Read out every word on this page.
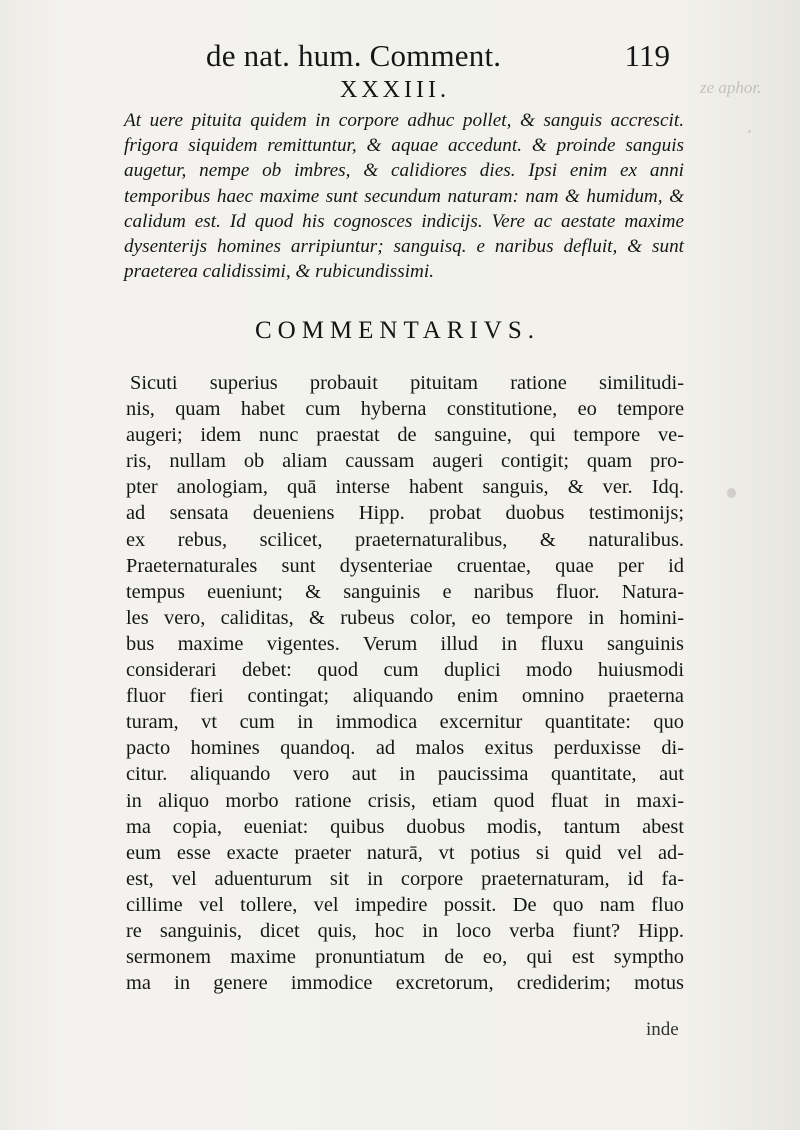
ze aphor.
de nat. hum. Comment.	119
XXXIII.

At uere pituita quidem in corpore adhuc pollet, & sanguis accrescit. frigora siquidem remittuntur, & aquae accedunt. & proinde sanguis augetur, nempe ob imbres, & calidiores dies. Ipsi enim ex anni temporibus haec maxime sunt secundum naturam: nam & humidum, & calidum est. Id quod his cognosces indicijs. Vere ac aestate maxime dysenterijs homines arripiuntur; sanguisq. e naribus defluit, & sunt praeterea calidissimi, & rubicundissimi.

COMMENTARIVS.

Sicuti superius probauit pituitam ratione similitudi-
nis, quam habet cum hyberna constitutione, eo tempore
augeri; idem nunc praestat de sanguine, qui tempore ve-
ris, nullam ob aliam caussam augeri contigit; quam pro-
pter anologiam, quā interse habent sanguis, & ver. Idq.
ad sensata deueniens Hipp. probat duobus testimonijs;
ex rebus, scilicet, praeternaturalibus, & naturalibus.
Praeternaturales sunt dysenteriae cruentae, quae per id
tempus eueniunt; & sanguinis e naribus fluor. Natura-
les vero, caliditas, & rubeus color, eo tempore in homini-
bus maxime vigentes. Verum illud in fluxu sanguinis
considerari debet: quod cum duplici modo huiusmodi
fluor fieri contingat; aliquando enim omnino praeterna
turam, vt cum in immodica excernitur quantitate: quo
pacto homines quandoq. ad malos exitus perduxisse di-
citur. aliquando vero aut in paucissima quantitate, aut
in aliquo morbo ratione crisis, etiam quod fluat in maxi-
ma copia, eueniat: quibus duobus modis, tantum abest
eum esse exacte praeter naturā, vt potius si quid vel ad-
est, vel aduenturum sit in corpore praeternaturam, id fa-
cillime vel tollere, vel impedire possit. De quo nam fluo
re sanguinis, dicet quis, hoc in loco verba fiunt? Hipp.
sermonem maxime pronuntiatum de eo, qui est symptho
ma in genere immodice excretorum, crediderim; motus

inde
